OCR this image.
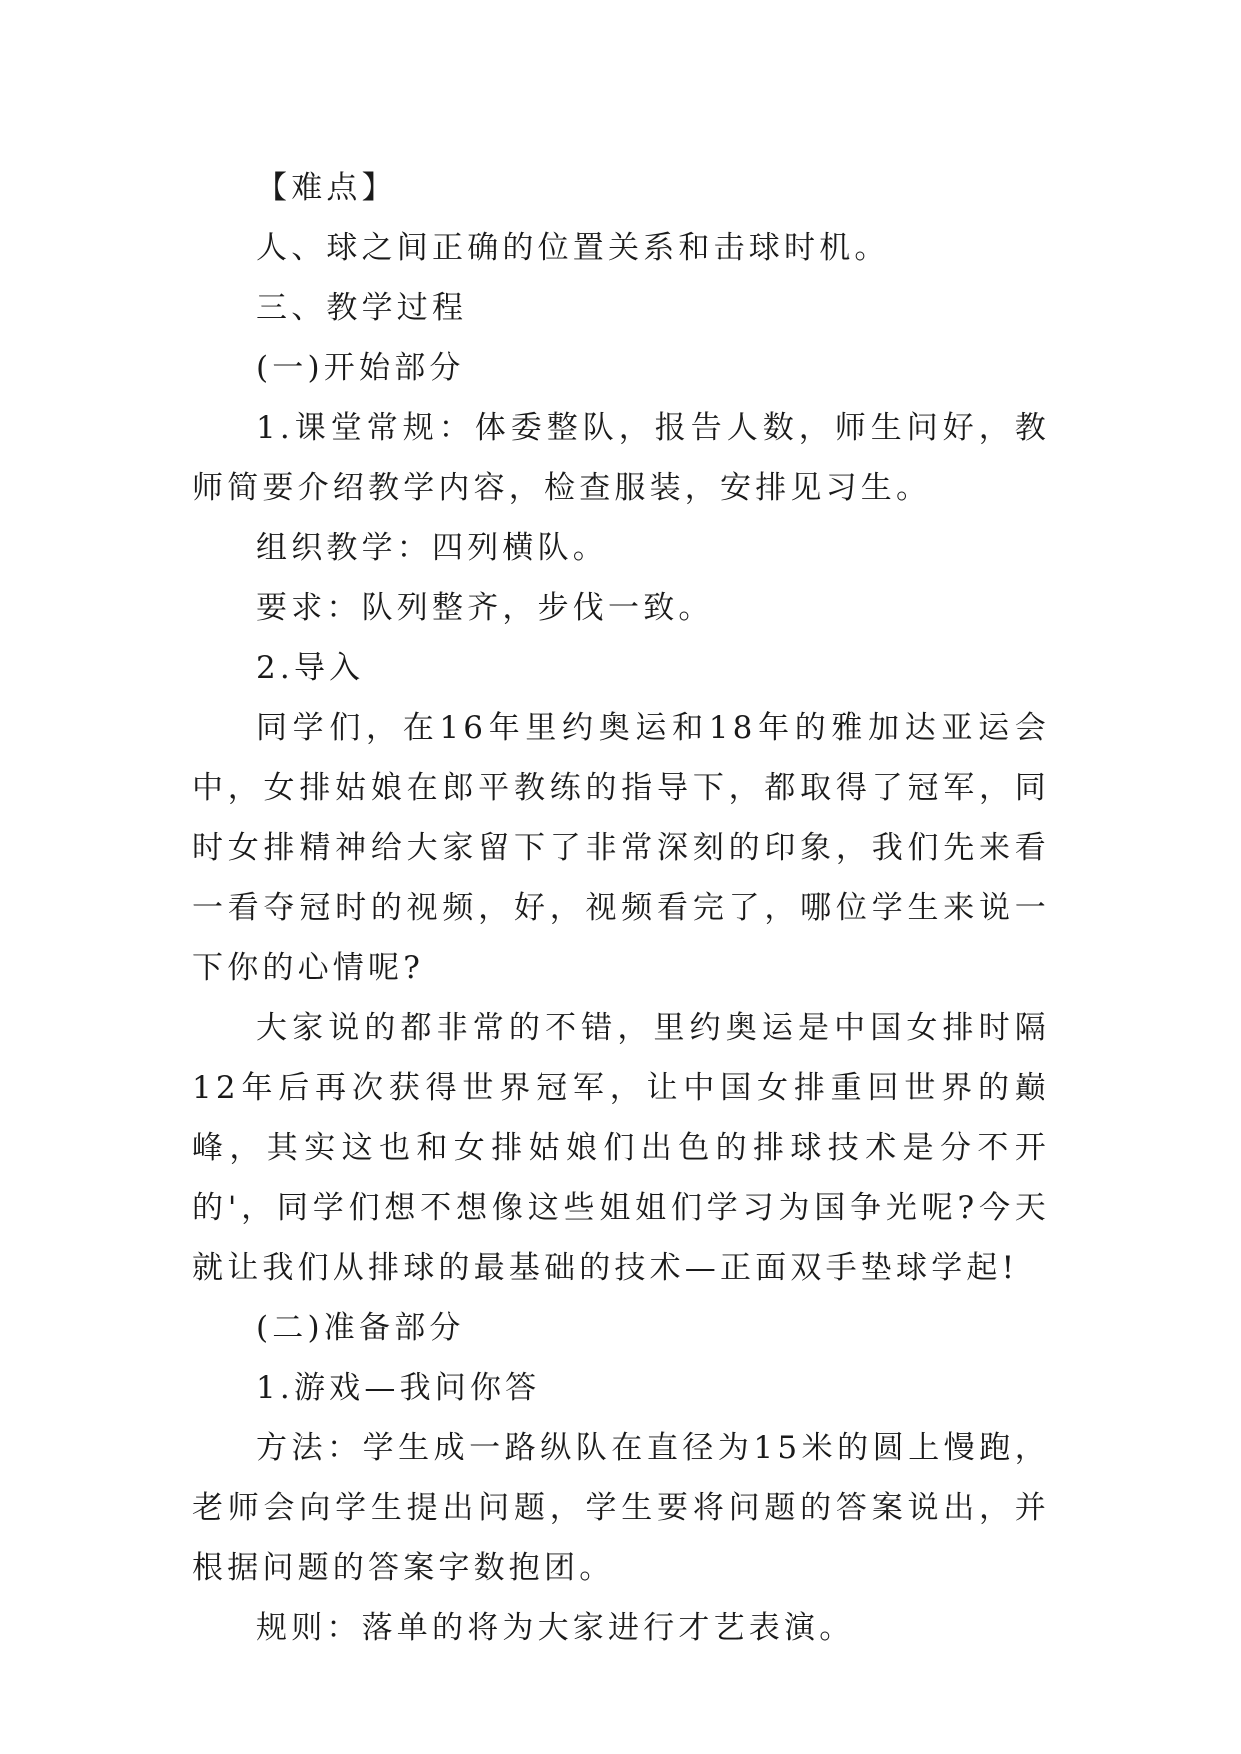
【难点】

人、球之间正确的位置关系和击球时机。

三、教学过程

(一)开始部分

1.课堂常规：体委整队，报告人数，师生问好，教师简要介绍教学内容，检查服装，安排见习生。

组织教学：四列横队。

要求：队列整齐，步伐一致。

2.导入

同学们，在16年里约奥运和18年的雅加达亚运会中，女排姑娘在郎平教练的指导下，都取得了冠军，同时女排精神给大家留下了非常深刻的印象，我们先来看一看夺冠时的视频，好，视频看完了，哪位学生来说一下你的心情呢?

大家说的都非常的不错，里约奥运是中国女排时隔12年后再次获得世界冠军，让中国女排重回世界的巅峰，其实这也和女排姑娘们出色的排球技术是分不开的'，同学们想不想像这些姐姐们学习为国争光呢?今天就让我们从排球的最基础的技术—正面双手垫球学起!

(二)准备部分

1.游戏—我问你答

方法：学生成一路纵队在直径为15米的圆上慢跑，老师会向学生提出问题，学生要将问题的答案说出，并根据问题的答案字数抱团。

规则：落单的将为大家进行才艺表演。
